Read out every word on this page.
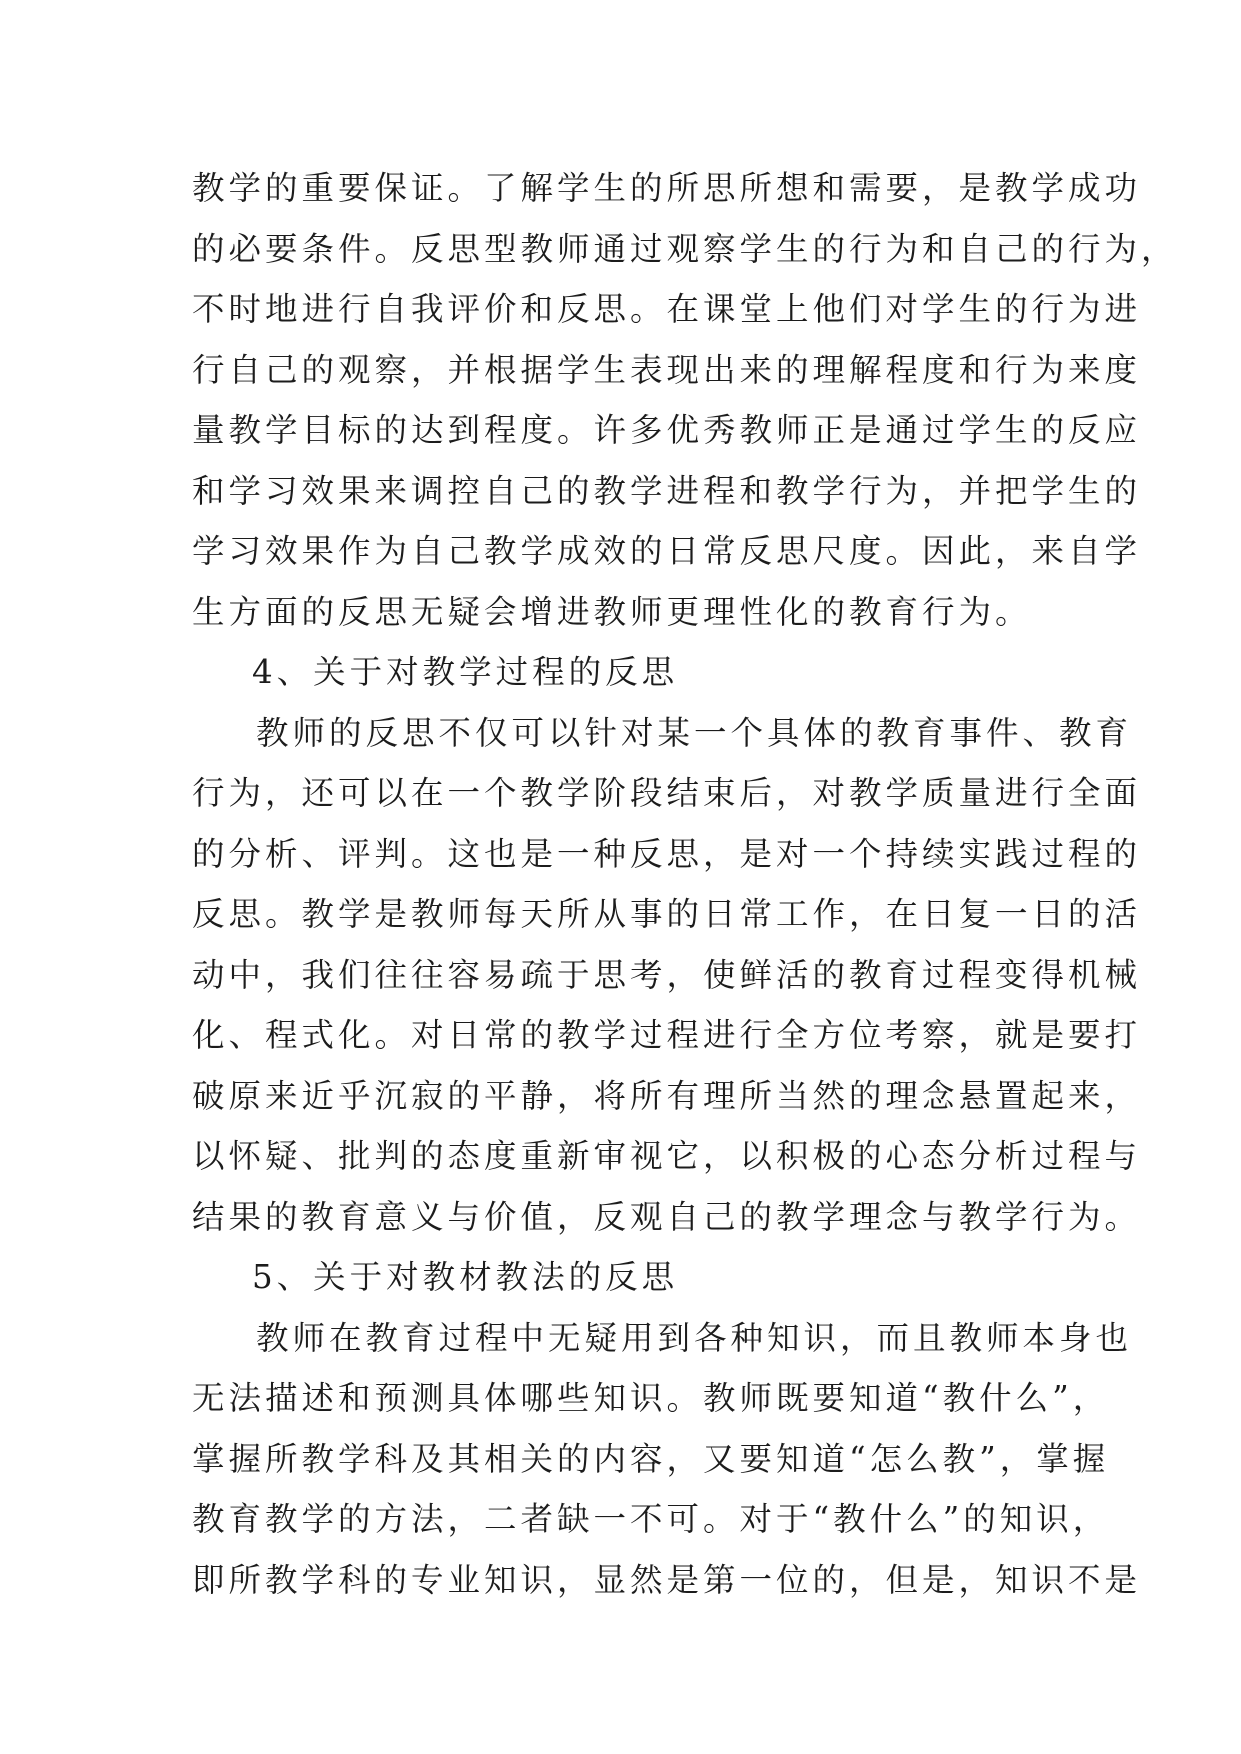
教学的重要保证。了解学生的所思所想和需要，是教学成功
的必要条件。反思型教师通过观察学生的行为和自己的行为，
不时地进行自我评价和反思。在课堂上他们对学生的行为进
行自己的观察，并根据学生表现出来的理解程度和行为来度
量教学目标的达到程度。许多优秀教师正是通过学生的反应
和学习效果来调控自己的教学进程和教学行为，并把学生的
学习效果作为自己教学成效的日常反思尺度。因此，来自学
生方面的反思无疑会增进教师更理性化的教育行为。
4、关于对教学过程的反思
教师的反思不仅可以针对某一个具体的教育事件、教育
行为，还可以在一个教学阶段结束后，对教学质量进行全面
的分析、评判。这也是一种反思，是对一个持续实践过程的
反思。教学是教师每天所从事的日常工作，在日复一日的活
动中，我们往往容易疏于思考，使鲜活的教育过程变得机械
化、程式化。对日常的教学过程进行全方位考察，就是要打
破原来近乎沉寂的平静，将所有理所当然的理念悬置起来，
以怀疑、批判的态度重新审视它，以积极的心态分析过程与
结果的教育意义与价值，反观自己的教学理念与教学行为。
5、关于对教材教法的反思
教师在教育过程中无疑用到各种知识，而且教师本身也
无法描述和预测具体哪些知识。教师既要知道“教什么”，
掌握所教学科及其相关的内容，又要知道“怎么教”，掌握
教育教学的方法，二者缺一不可。对于“教什么”的知识，
即所教学科的专业知识，显然是第一位的，但是，知识不是
